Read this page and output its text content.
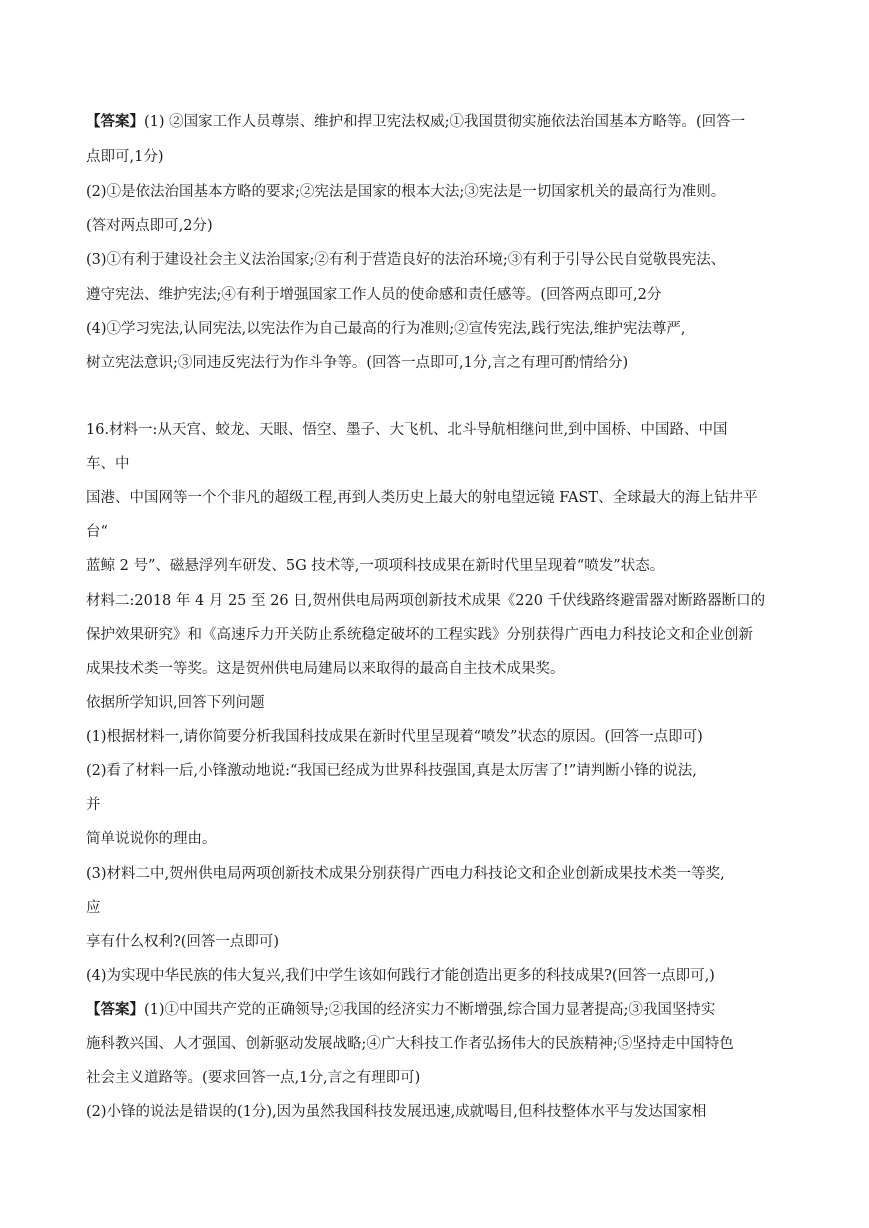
【答案】(1) ②国家工作人员尊崇、维护和捍卫宪法权威;①我国贯彻实施依法治国基本方略等。(回答一
点即可,1分)
(2)①是依法治国基本方略的要求;②宪法是国家的根本大法;③宪法是一切国家机关的最高行为准则。
(答对两点即可,2分)
(3)①有利于建设社会主义法治国家;②有利于营造良好的法治环境;③有利于引导公民自觉敬畏宪法、
遵守宪法、维护宪法;④有利于增强国家工作人员的使命感和责任感等。(回答两点即可,2分
(4)①学习宪法,认同宪法,以宪法作为自己最高的行为准则;②宣传宪法,践行宪法,维护宪法尊严,
树立宪法意识;③同违反宪法行为作斗争等。(回答一点即可,1分,言之有理可酌情给分)
16.材料一:从天宫、蛟龙、天眼、悟空、墨子、大飞机、北斗导航相继问世,到中国桥、中国路、中国
车、中
国港、中国网等一个个非凡的超级工程,再到人类历史上最大的射电望远镜 FAST、全球最大的海上钻井平
台“
蓝鲸 2 号”、磁悬浮列车研发、5G 技术等,一项项科技成果在新时代里呈现着“喷发”状态。
材料二:2018 年 4 月 25 至 26 日,贺州供电局两项创新技术成果《220 千伏线路终避雷器对断路器断口的
保护效果研究》和《高速斥力开关防止系统稳定破坏的工程实践》分别获得广西电力科技论文和企业创新
成果技术类一等奖。这是贺州供电局建局以来取得的最高自主技术成果奖。
依据所学知识,回答下列问题
(1)根据材料一,请你简要分析我国科技成果在新时代里呈现着“喷发”状态的原因。(回答一点即可)
(2)看了材料一后,小锋激动地说:“我国已经成为世界科技强国,真是太厉害了!”请判断小锋的说法,
并
简单说说你的理由。
(3)材料二中,贺州供电局两项创新技术成果分别获得广西电力科技论文和企业创新成果技术类一等奖,
应
享有什么权利?(回答一点即可)
(4)为实现中华民族的伟大复兴,我们中学生该如何践行才能创造出更多的科技成果?(回答一点即可,)
【答案】(1)①中国共产党的正确领导;②我国的经济实力不断增强,综合国力显著提高;③我国坚持实
施科教兴国、人才强国、创新驱动发展战略;④广大科技工作者弘扬伟大的民族精神;⑤坚持走中国特色
社会主义道路等。(要求回答一点,1分,言之有理即可)
(2)小锋的说法是错误的(1分),因为虽然我国科技发展迅速,成就喝目,但科技整体水平与发达国家相
